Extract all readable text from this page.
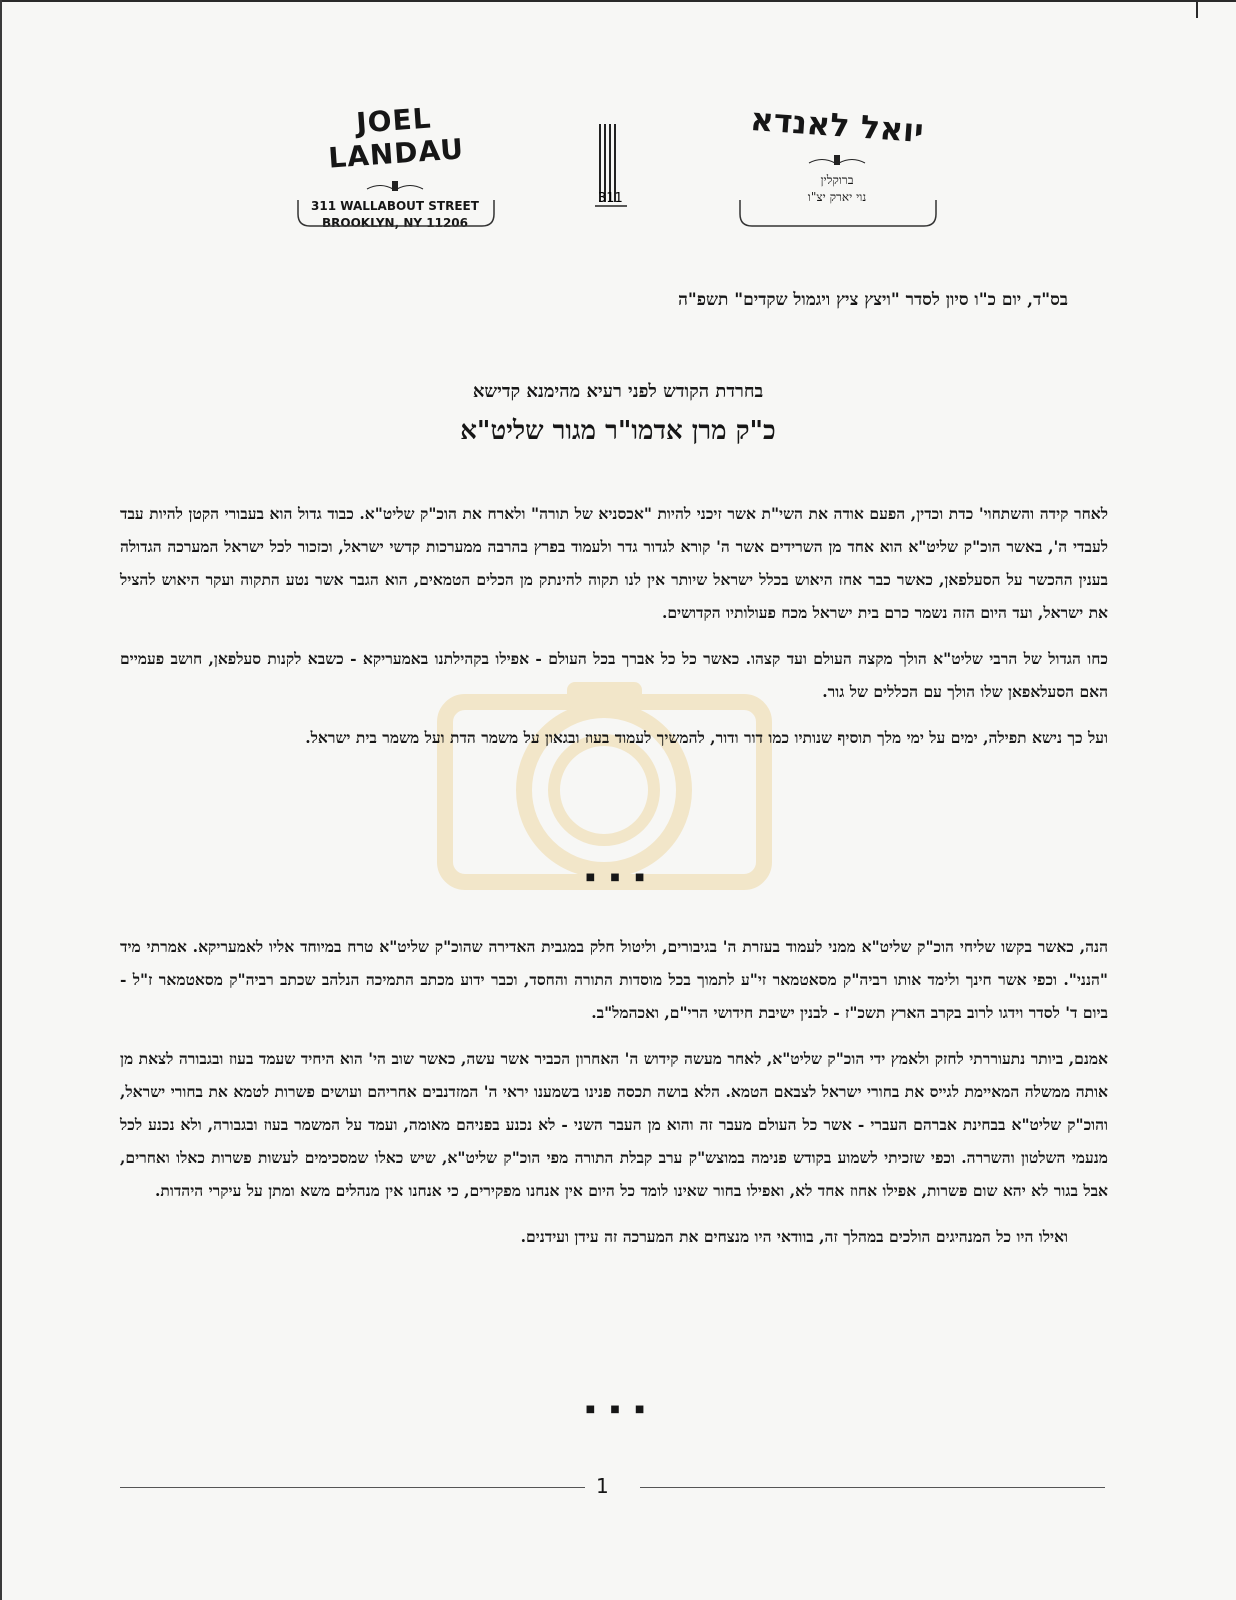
JOEL LANDAU
311 WALLABOUT STREET
BROOKLYN, NY 11206
311
יואל לאנדא
ברוקלין
נוי יארק יצ"ו
בס"ד, יום כ"ו סיון לסדר "ויצץ ציץ ויגמול שקדים" תשפ"ה
בחרדת הקודש לפני רעיא מהימנא קדישא
כ"ק מרן אדמו"ר מגור שליט"א

לאחר קידה והשתחוי' כדת וכדין, הפעם אודה את השי"ת אשר זיכני להיות "אכסניא של תורה" ולארח את הוכ"ק שליט"א. כבוד גדול הוא בעבורי הקטן להיות עבד לעבדי ה', באשר הוכ"ק שליט"א הוא אחד מן השרידים אשר ה' קורא לגדור גדר ולעמוד בפרץ בהרבה ממערכות קדשי ישראל, וכזכור לכל ישראל המערכה הגדולה בענין ההכשר על הסעלפאן, כאשר כבר אחז היאוש בכלל ישראל שיותר אין לנו תקוה להינתק מן הכלים הטמאים, הוא הגבר אשר נטע התקוה ועקר היאוש להציל את ישראל, ועד היום הזה נשמר כרם בית ישראל מכח פעולותיו הקדושים.

כחו הגדול של הרבי שליט"א הולך מקצה העולם ועד קצהו. כאשר כל כל אברך בכל העולם - אפילו בקהילתנו באמעריקא - כשבא לקנות סעלפאן, חושב פעמיים האם הסעלאפאן שלו הולך עם הכללים של גור.

ועל כך נישא תפילה, ימים על ימי מלך תוסיף שנותיו כמו דור ודור, להמשיך לעמוד בעוז ובגאון על משמר הדת ועל משמר בית ישראל.

■ ■ ■

הנה, כאשר בקשו שליחי הוכ"ק שליט"א ממני לעמוד בעזרת ה' בגיבורים, וליטול חלק במגבית האדירה שהוכ"ק שליט"א טרח במיוחד אליו לאמעריקא. אמרתי מיד "הנני". וכפי אשר חינך ולימד אותו רביה"ק מסאטמאר זי"ע לתמוך בכל מוסדות התורה והחסד, וכבר ידוע מכתב התמיכה הנלהב שכתב רביה"ק מסאטמאר ז"ל - ביום ד' לסדר וידגו לרוב בקרב הארץ תשכ"ז - לבנין ישיבת חידושי הרי"ם, ואכהמל"ב.

אמנם, ביותר נתעוררתי לחזק ולאמץ ידי הוכ"ק שליט"א, לאחר מעשה קידוש ה' האחרון הכביר אשר עשה, כאשר שוב הי' הוא היחיד שעמד בעוז ובגבורה לצאת מן אותה ממשלה המאיימת לגייס את בחורי ישראל לצבאם הטמא. הלא בושה תכסה פנינו בשמענו יראי ה' המזדנבים אחריהם ועושים פשרות לטמא את בחורי ישראל, והוכ"ק שליט"א בבחינת אברהם העברי - אשר כל העולם מעבר זה והוא מן העבר השני - לא נכנע בפניהם מאומה, ועמד על המשמר בעוז ובגבורה, ולא נכנע לכל מנעמי השלטון והשררה. וכפי שזכיתי לשמוע בקודש פנימה במוצש"ק ערב קבלת התורה מפי הוכ"ק שליט"א, שיש כאלו שמסכימים לעשות פשרות כאלו ואחרים, אבל בגור לא יהא שום פשרות, אפילו אחוז אחד לא, ואפילו בחור שאינו לומד כל היום אין אנחנו מפקירים, כי אנחנו אין מנהלים משא ומתן על עיקרי היהדות.

ואילו היו כל המנהיגים הולכים במהלך זה, בוודאי היו מנצחים את המערכה זה עידן ועידנים.

■ ■ ■
1
